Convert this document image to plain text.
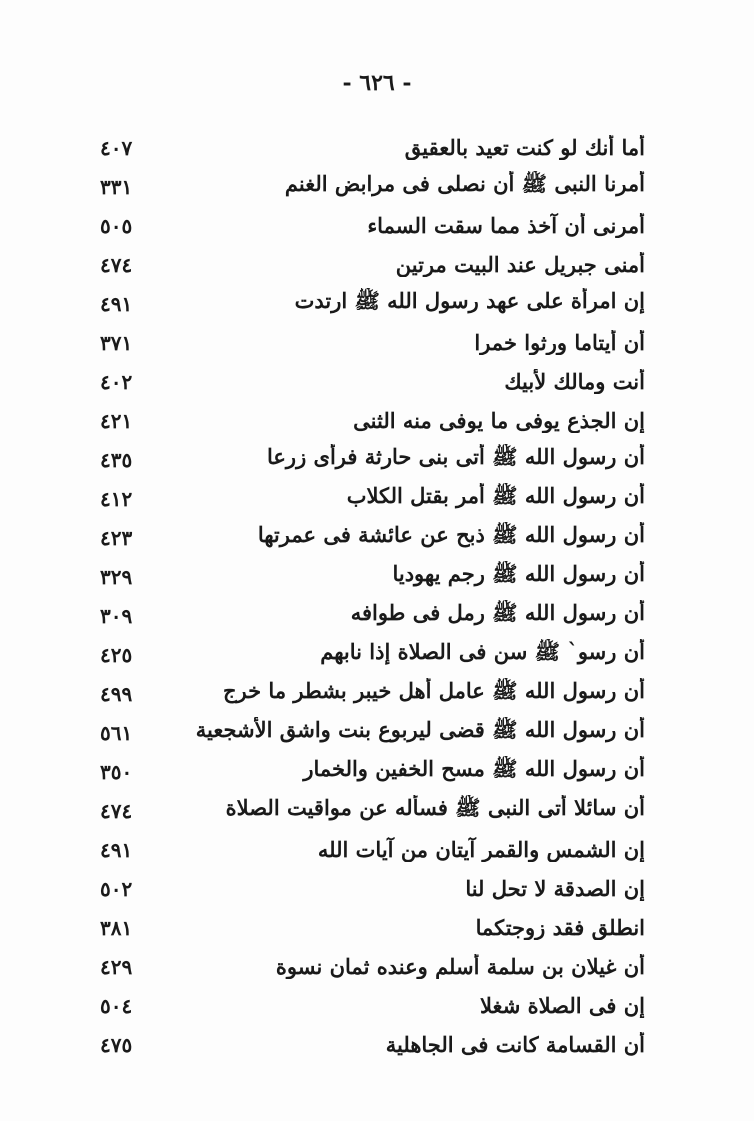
- ٦٢٦ -
٤٠٧	أما أنك لو كنت تعيد بالعقيق
٣٣١	أمرنا النبى ﷺ أن نصلى فى مرابض الغنم
٥٠٥	أمرنى أن آخذ مما سقت السماء
٤٧٤	أمنى جبريل عند البيت مرتين
٤٩١	إن امرأة على عهد رسول الله ﷺ ارتدت
٣٧١	أن أيتاما ورثوا خمرا
٤٠٢	أنت ومالك لأبيك
٤٢١	إن الجذع يوفى ما يوفى منه الثنى
٤٣٥	أن رسول الله ﷺ أتى بنى حارثة فرأى زرعا
٤١٢	أن رسول الله ﷺ أمر بقتل الكلاب
٤٢٣	أن رسول الله ﷺ ذبح عن عائشة فى عمرتها
٣٢٩	أن رسول الله ﷺ رجم يهوديا
٣٠٩	أن رسول الله ﷺ رمل فى طوافه
٤٢٥	أن رسو` ﷺ سن فى الصلاة إذا نابهم
٤٩٩	أن رسول الله ﷺ عامل أهل خيبر بشطر ما خرج
٥٦١	أن رسول الله ﷺ قضى ليربوع بنت واشق الأشجعية
٣٥٠	أن رسول الله ﷺ مسح الخفين والخمار
٤٧٤	أن سائلا أتى النبى ﷺ فسأله عن مواقيت الصلاة
٤٩١	إن الشمس والقمر آيتان من آيات الله
٥٠٢	إن الصدقة لا تحل لنا
٣٨١	انطلق فقد زوجتكما
٤٢٩	أن غيلان بن سلمة أسلم وعنده ثمان نسوة
٥٠٤	إن فى الصلاة شغلا
٤٧٥	أن القسامة كانت فى الجاهلية
